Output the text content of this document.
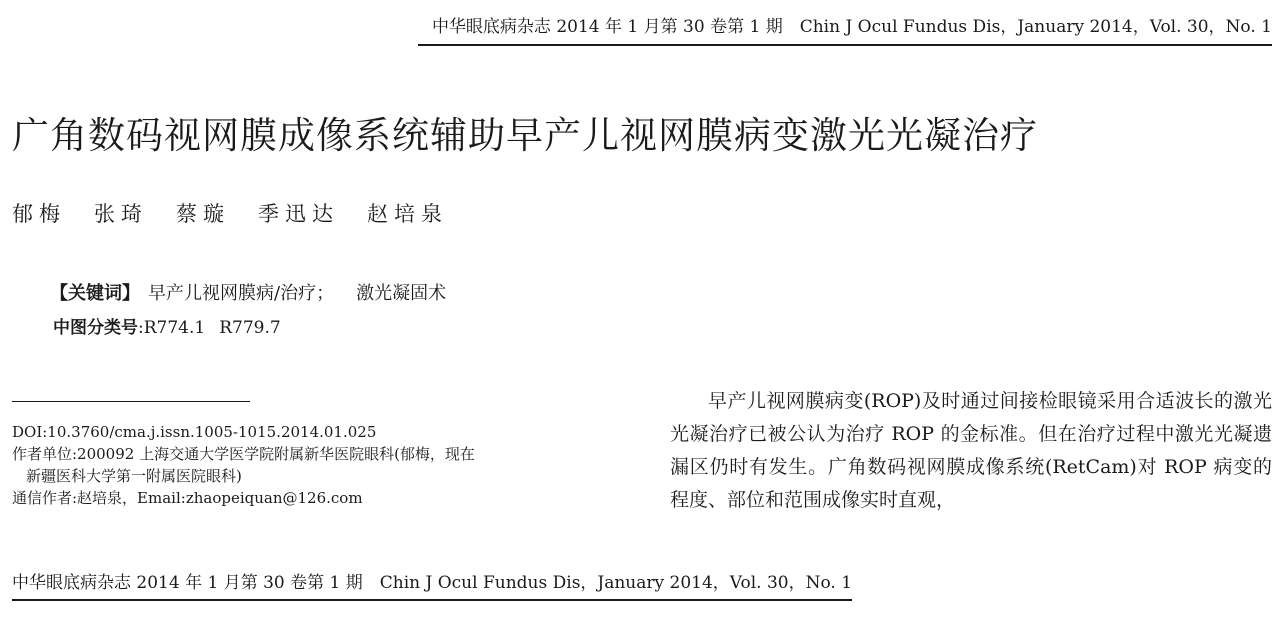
中华眼底病杂志 2014 年 1 月第 30 卷第 1 期　Chin J Ocul Fundus Dis，January 2014，Vol. 30，No. 1
广角数码视网膜成像系统辅助早产儿视网膜病变激光光凝治疗
郁梅 张琦 蔡璇 季迅达 赵培泉
【关键词】 早产儿视网膜病/治疗； 激光凝固术
中图分类号:R774.1 R779.7
DOI:10.3760/cma.j.issn.1005-1015.2014.01.025
作者单位:200092 上海交通大学医学院附属新华医院眼科(郁梅，现在
新疆医科大学第一附属医院眼科)
通信作者:赵培泉，Email:zhaopeiquan@126.com

早产儿视网膜病变(ROP)及时通过间接检眼镜采用合适波长的激光光凝治疗已被公认为治疗 ROP 的金标准。但在治疗过程中激光光凝遗漏区仍时有发生。广角数码视网膜成像系统(RetCam)对 ROP 病变的程度、部位和范围成像实时直观，

中华眼底病杂志 2014 年 1 月第 30 卷第 1 期　Chin J Ocul Fundus Dis，January 2014，Vol. 30，No. 1
